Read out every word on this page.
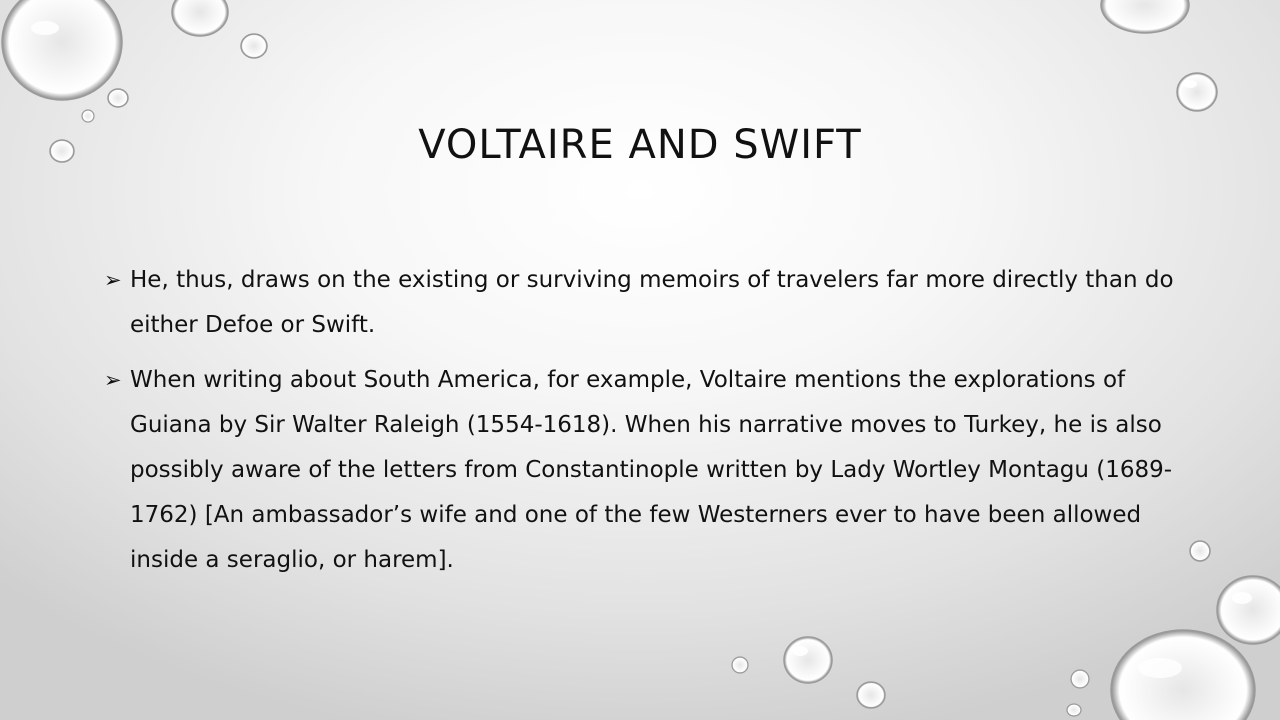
VOLTAIRE AND SWIFT
➢ He, thus, draws on the existing or surviving memoirs of travelers far more directly than do either Defoe or Swift.
➢ When writing about South America, for example, Voltaire mentions the explorations of Guiana by Sir Walter Raleigh (1554-1618). When his narrative moves to Turkey, he is also possibly aware of the letters from Constantinople written by Lady Wortley Montagu (1689-1762) [An ambassador’s wife and one of the few Westerners ever to have been allowed inside a seraglio, or harem].
